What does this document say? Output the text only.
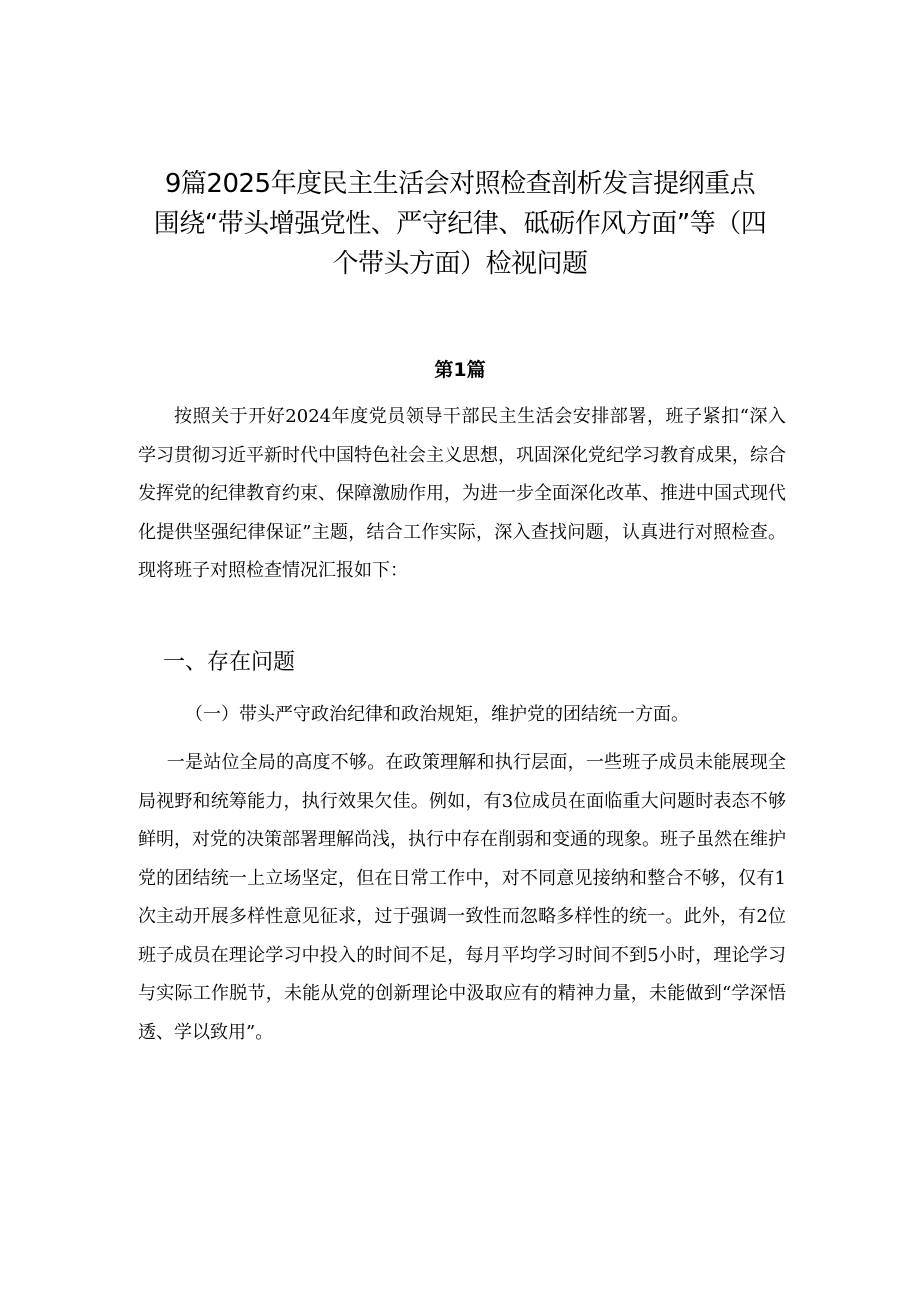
9篇2025年度民主生活会对照检查剖析发言提纲重点
围绕“带头增强党性、严守纪律、砥砺作风方面”等（四
个带头方面）检视问题
第1篇

按照关于开好2024年度党员领导干部民主生活会安排部署，班子紧扣“深入学习贯彻习近平新时代中国特色社会主义思想，巩固深化党纪学习教育成果，综合发挥党的纪律教育约束、保障激励作用，为进一步全面深化改革、推进中国式现代化提供坚强纪律保证”主题，结合工作实际，深入查找问题，认真进行对照检查。现将班子对照检查情况汇报如下：

一、存在问题
（一）带头严守政治纪律和政治规矩，维护党的团结统一方面。

一是站位全局的高度不够。在政策理解和执行层面，一些班子成员未能展现全局视野和统筹能力，执行效果欠佳。例如，有3位成员在面临重大问题时表态不够鲜明，对党的决策部署理解尚浅，执行中存在削弱和变通的现象。班子虽然在维护党的团结统一上立场坚定，但在日常工作中，对不同意见接纳和整合不够，仅有1次主动开展多样性意见征求，过于强调一致性而忽略多样性的统一。此外，有2位班子成员在理论学习中投入的时间不足，每月平均学习时间不到5小时，理论学习与实际工作脱节，未能从党的创新理论中汲取应有的精神力量，未能做到“学深悟透、学以致用”。
